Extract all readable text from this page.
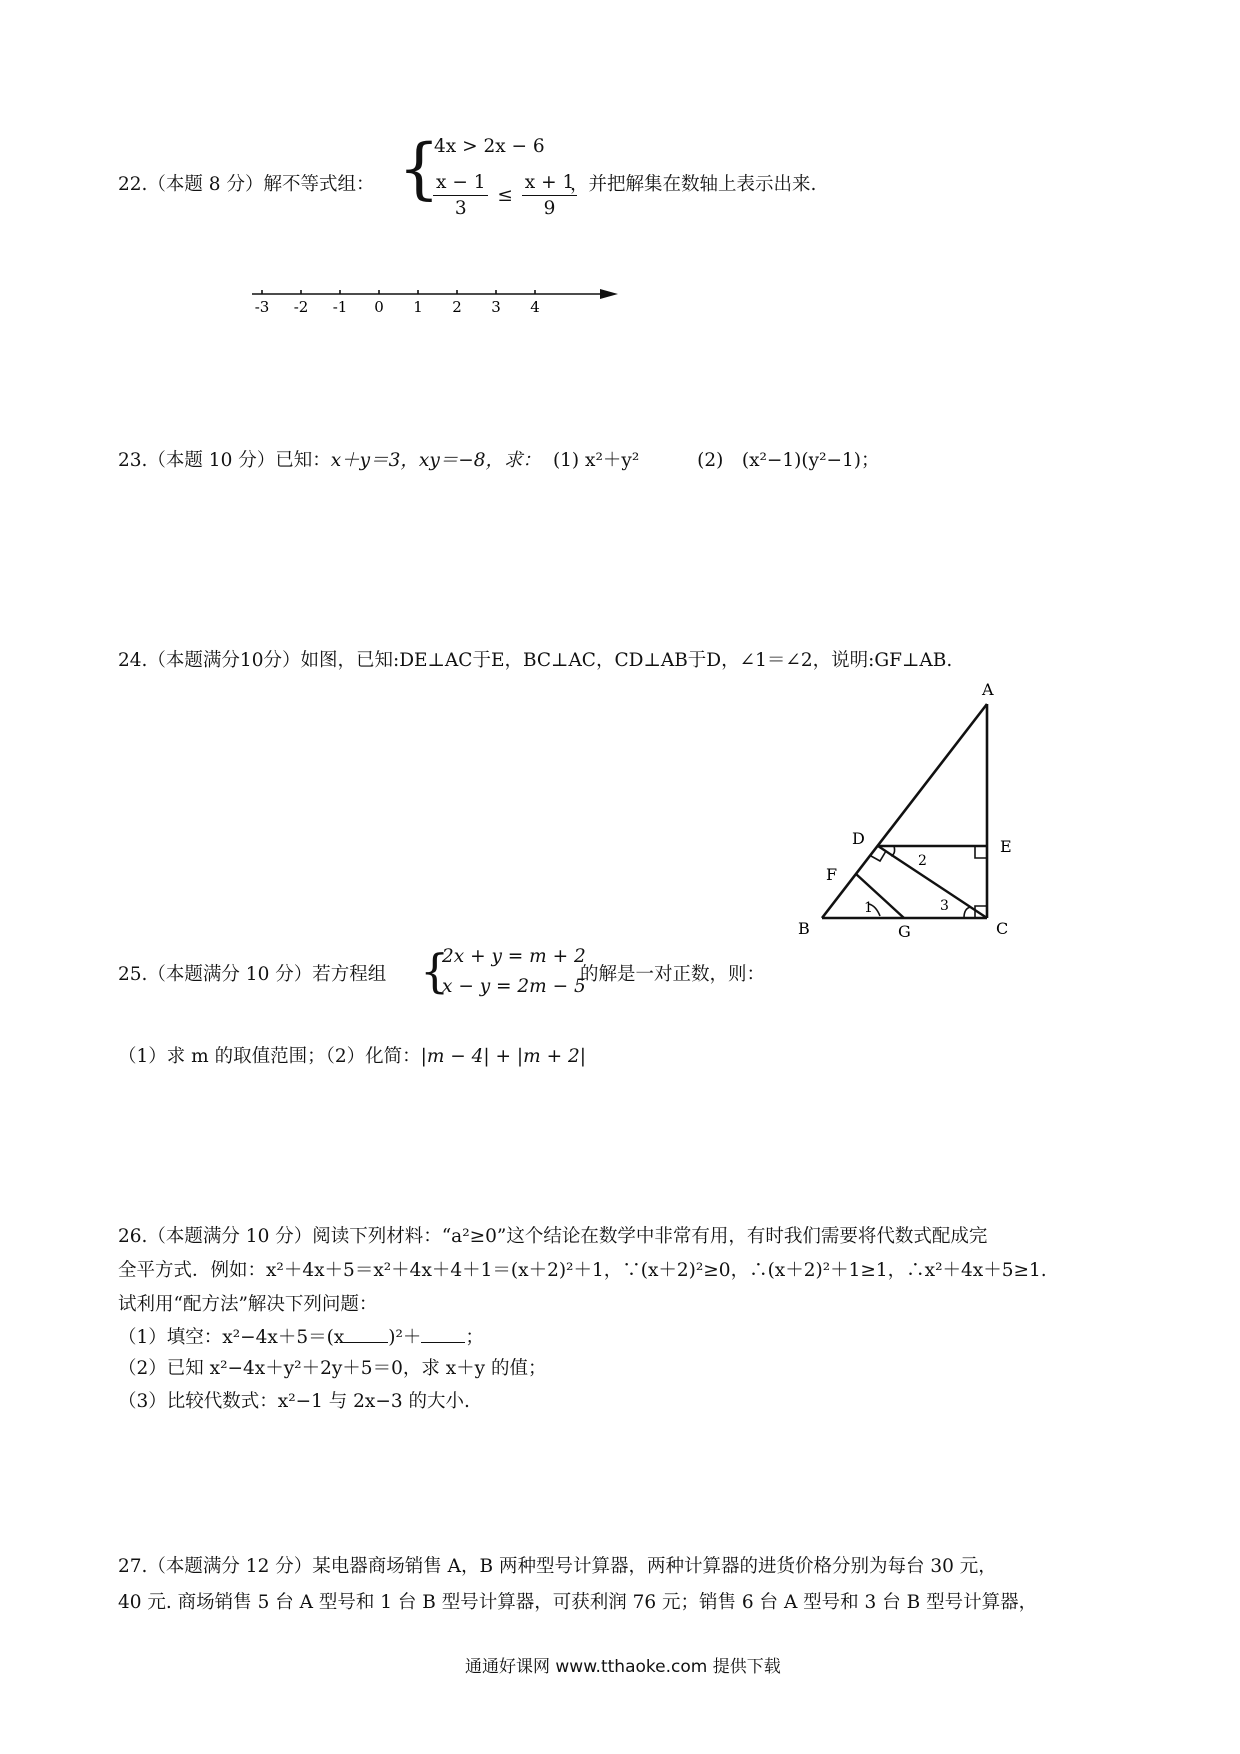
22.（本题 8 分）解不等式组： {
4x > 2x − 6
$\frac{x - 1}{3} \le \frac{x + 1}{9}$
，并把解集在数轴上表示出来.
-3 -2 -1 0 1 2 3 4
23.（本题 10 分）已知：x＋y＝3，xy＝−8，求： (1) x²＋y²	(2)　(x²−1)(y²−1)；
24.（本题满分10分）如图，已知:DE⊥AC于E，BC⊥AC，CD⊥AB于D，∠1＝∠2，说明:GF⊥AB.
A
B	C
D	E
F
G
1
2
3
25.（本题满分 10 分）若方程组 {
2x + y = m + 2
x − y = 2m − 5
的解是一对正数，则：
（1）求 m 的取值范围；（2）化简：|m − 4| + |m + 2|
26.（本题满分 10 分）阅读下列材料：“a²≥0”这个结论在数学中非常有用，有时我们需要将代数式配成完
全平方式．例如：x²＋4x＋5＝x²＋4x＋4＋1＝(x＋2)²＋1，∵(x＋2)²≥0，∴(x＋2)²＋1≥1，∴x²＋4x＋5≥1.
试利用“配方法”解决下列问题：
（1）填空：x²−4x＋5＝(x )²＋ ；
（2）已知 x²−4x＋y²＋2y＋5＝0，求 x＋y 的值；
（3）比较代数式：x²−1 与 2x−3 的大小.
27.（本题满分 12 分）某电器商场销售 A，B 两种型号计算器，两种计算器的进货价格分别为每台 30 元，
40 元. 商场销售 5 台 A 型号和 1 台 B 型号计算器，可获利润 76 元；销售 6 台 A 型号和 3 台 B 型号计算器，
通通好课网 www.tthaoke.com 提供下载
